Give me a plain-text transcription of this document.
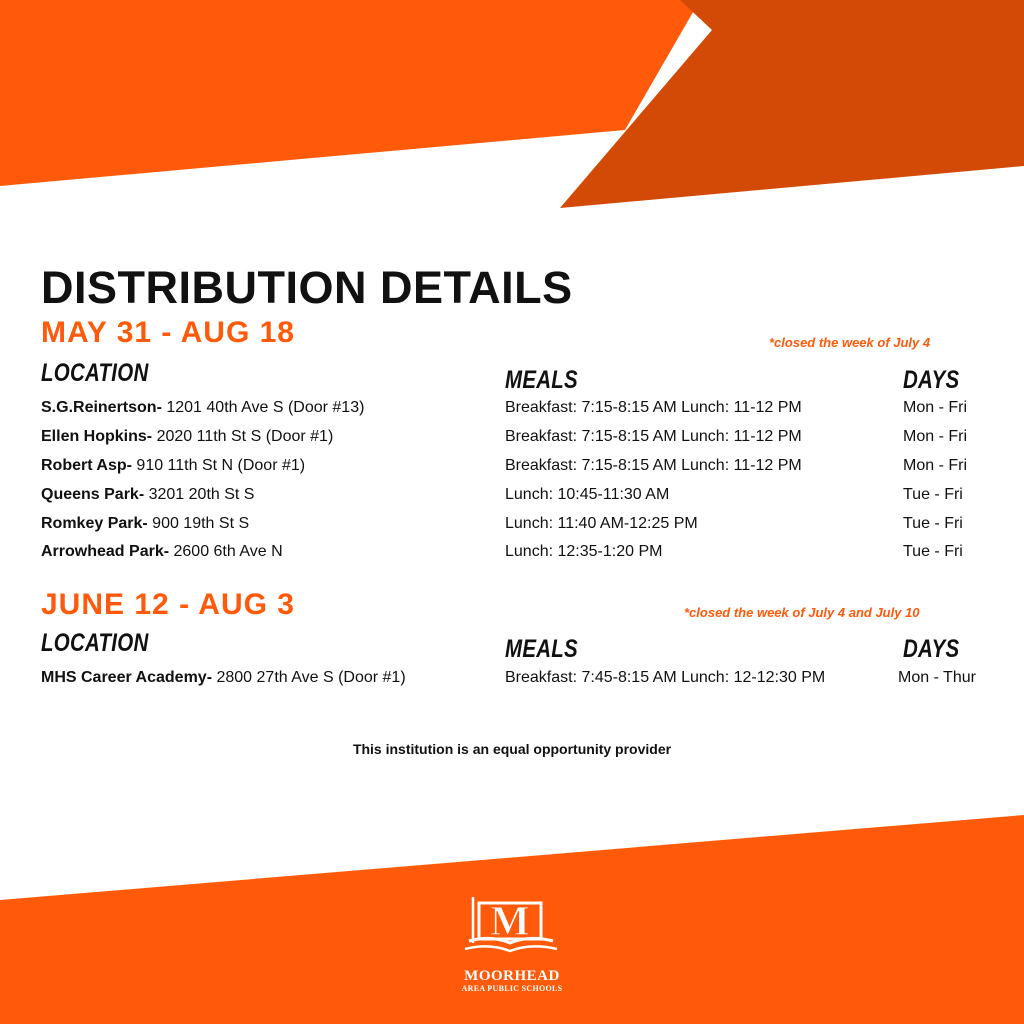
DISTRIBUTION DETAILS
MAY 31 - AUG 18	*closed the week of July 4
LOCATION	MEALS	DAYS
S.G.Reinertson- 1201 40th Ave S (Door #13)	Breakfast: 7:15-8:15 AM Lunch: 11-12 PM	Mon - Fri
Ellen Hopkins- 2020 11th St S (Door #1)	Breakfast: 7:15-8:15 AM Lunch: 11-12 PM	Mon - Fri
Robert Asp- 910 11th St N (Door #1)	Breakfast: 7:15-8:15 AM Lunch: 11-12 PM	Mon - Fri
Queens Park- 3201 20th St S	Lunch: 10:45-11:30 AM	Tue - Fri
Romkey Park- 900 19th St S	Lunch: 11:40 AM-12:25 PM	Tue - Fri
Arrowhead Park- 2600 6th Ave N	Lunch: 12:35-1:20 PM	Tue - Fri
JUNE 12 - AUG 3	*closed the week of July 4 and July 10
LOCATION	MEALS	DAYS
MHS Career Academy- 2800 27th Ave S (Door #1)	Breakfast: 7:45-8:15 AM Lunch: 12-12:30 PM	Mon - Thur
This institution is an equal opportunity provider
M
MOORHEAD
AREA PUBLIC SCHOOLS
